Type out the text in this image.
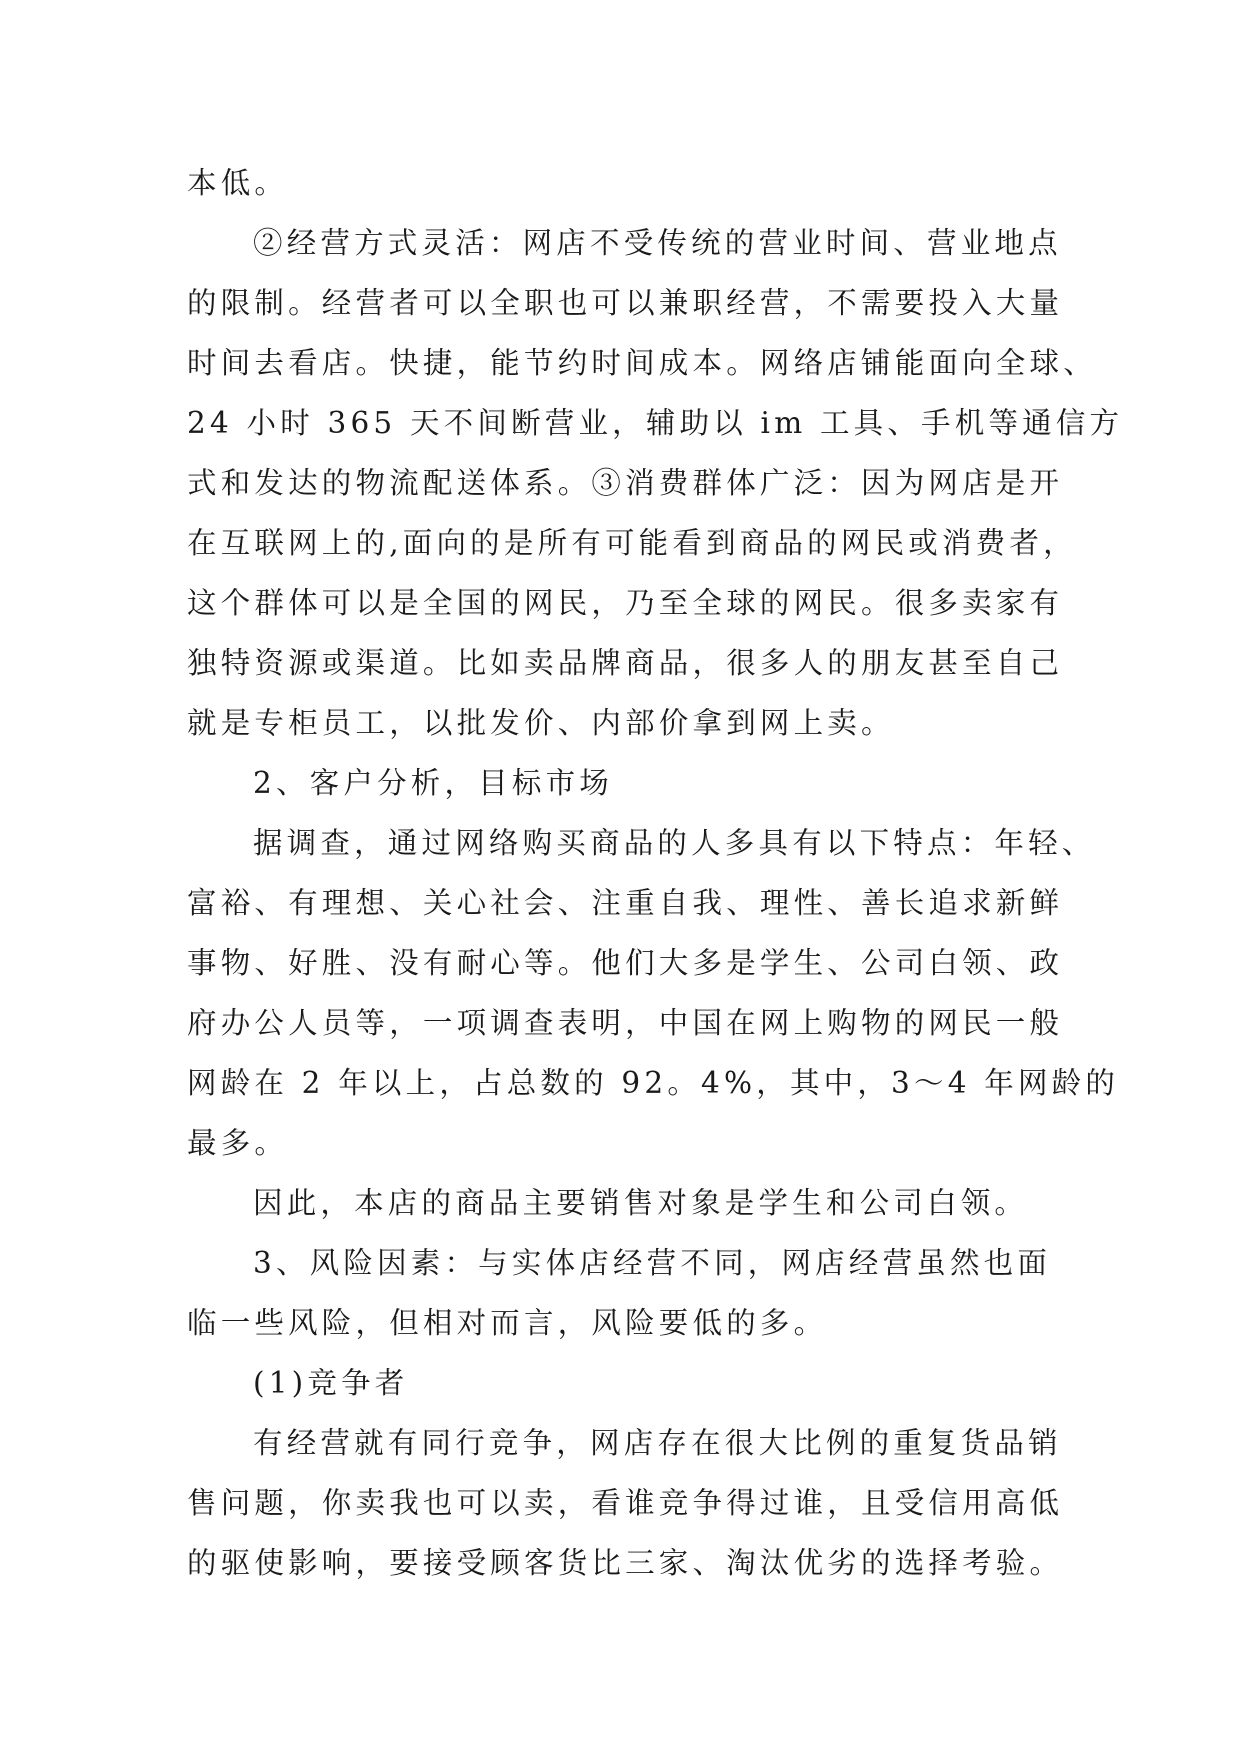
本低。
②经营方式灵活：网店不受传统的营业时间、营业地点
的限制。经营者可以全职也可以兼职经营，不需要投入大量
时间去看店。快捷，能节约时间成本。网络店铺能面向全球、
24 小时 365 天不间断营业，辅助以 im 工具、手机等通信方
式和发达的物流配送体系。③消费群体广泛：因为网店是开
在互联网上的,面向的是所有可能看到商品的网民或消费者，
这个群体可以是全国的网民，乃至全球的网民。很多卖家有
独特资源或渠道。比如卖品牌商品，很多人的朋友甚至自己
就是专柜员工，以批发价、内部价拿到网上卖。
2、客户分析，目标市场
据调查，通过网络购买商品的人多具有以下特点：年轻、
富裕、有理想、关心社会、注重自我、理性、善长追求新鲜
事物、好胜、没有耐心等。他们大多是学生、公司白领、政
府办公人员等，一项调查表明，中国在网上购物的网民一般
网龄在 2 年以上，占总数的 92。4%，其中，3～4 年网龄的
最多。
因此，本店的商品主要销售对象是学生和公司白领。
3、风险因素：与实体店经营不同，网店经营虽然也面
临一些风险，但相对而言，风险要低的多。
(1)竞争者
有经营就有同行竞争，网店存在很大比例的重复货品销
售问题，你卖我也可以卖，看谁竞争得过谁，且受信用高低
的驱使影响，要接受顾客货比三家、淘汰优劣的选择考验。
